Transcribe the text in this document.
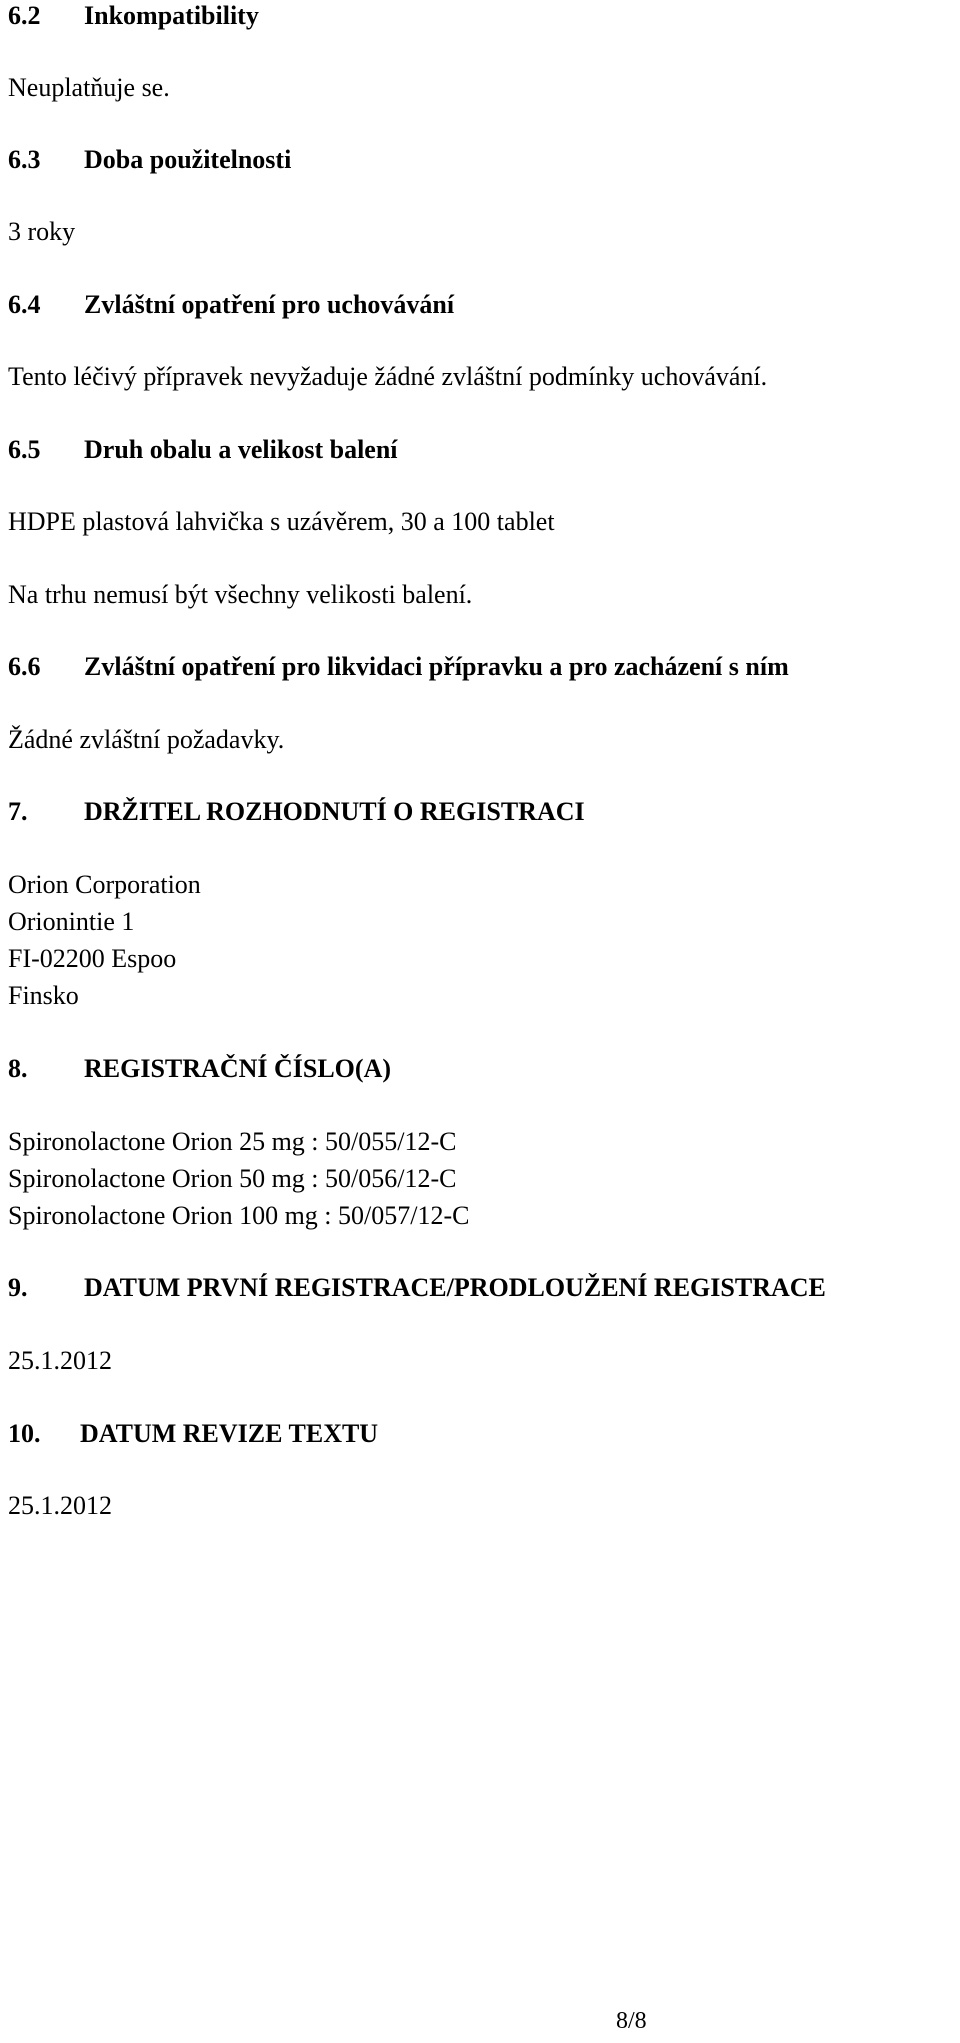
6.2 Inkompatibility
Neuplatňuje se.
6.3 Doba použitelnosti
3 roky
6.4 Zvláštní opatření pro uchovávání
Tento léčivý přípravek nevyžaduje žádné zvláštní podmínky uchovávání.
6.5 Druh obalu a velikost balení
HDPE plastová lahvička s uzávěrem, 30 a 100 tablet
Na trhu nemusí být všechny velikosti balení.
6.6 Zvláštní opatření pro likvidaci přípravku a pro zacházení s ním
Žádné zvláštní požadavky.
7. DRŽITEL ROZHODNUTÍ O REGISTRACI
Orion Corporation
Orionintie 1
FI-02200 Espoo
Finsko
8. REGISTRAČNÍ ČÍSLO(A)
Spironolactone Orion 25 mg : 50/055/12-C
Spironolactone Orion 50 mg : 50/056/12-C
Spironolactone Orion 100 mg : 50/057/12-C
9. DATUM PRVNÍ REGISTRACE/PRODLOUŽENÍ REGISTRACE
25.1.2012
10. DATUM REVIZE TEXTU
25.1.2012
8/8
